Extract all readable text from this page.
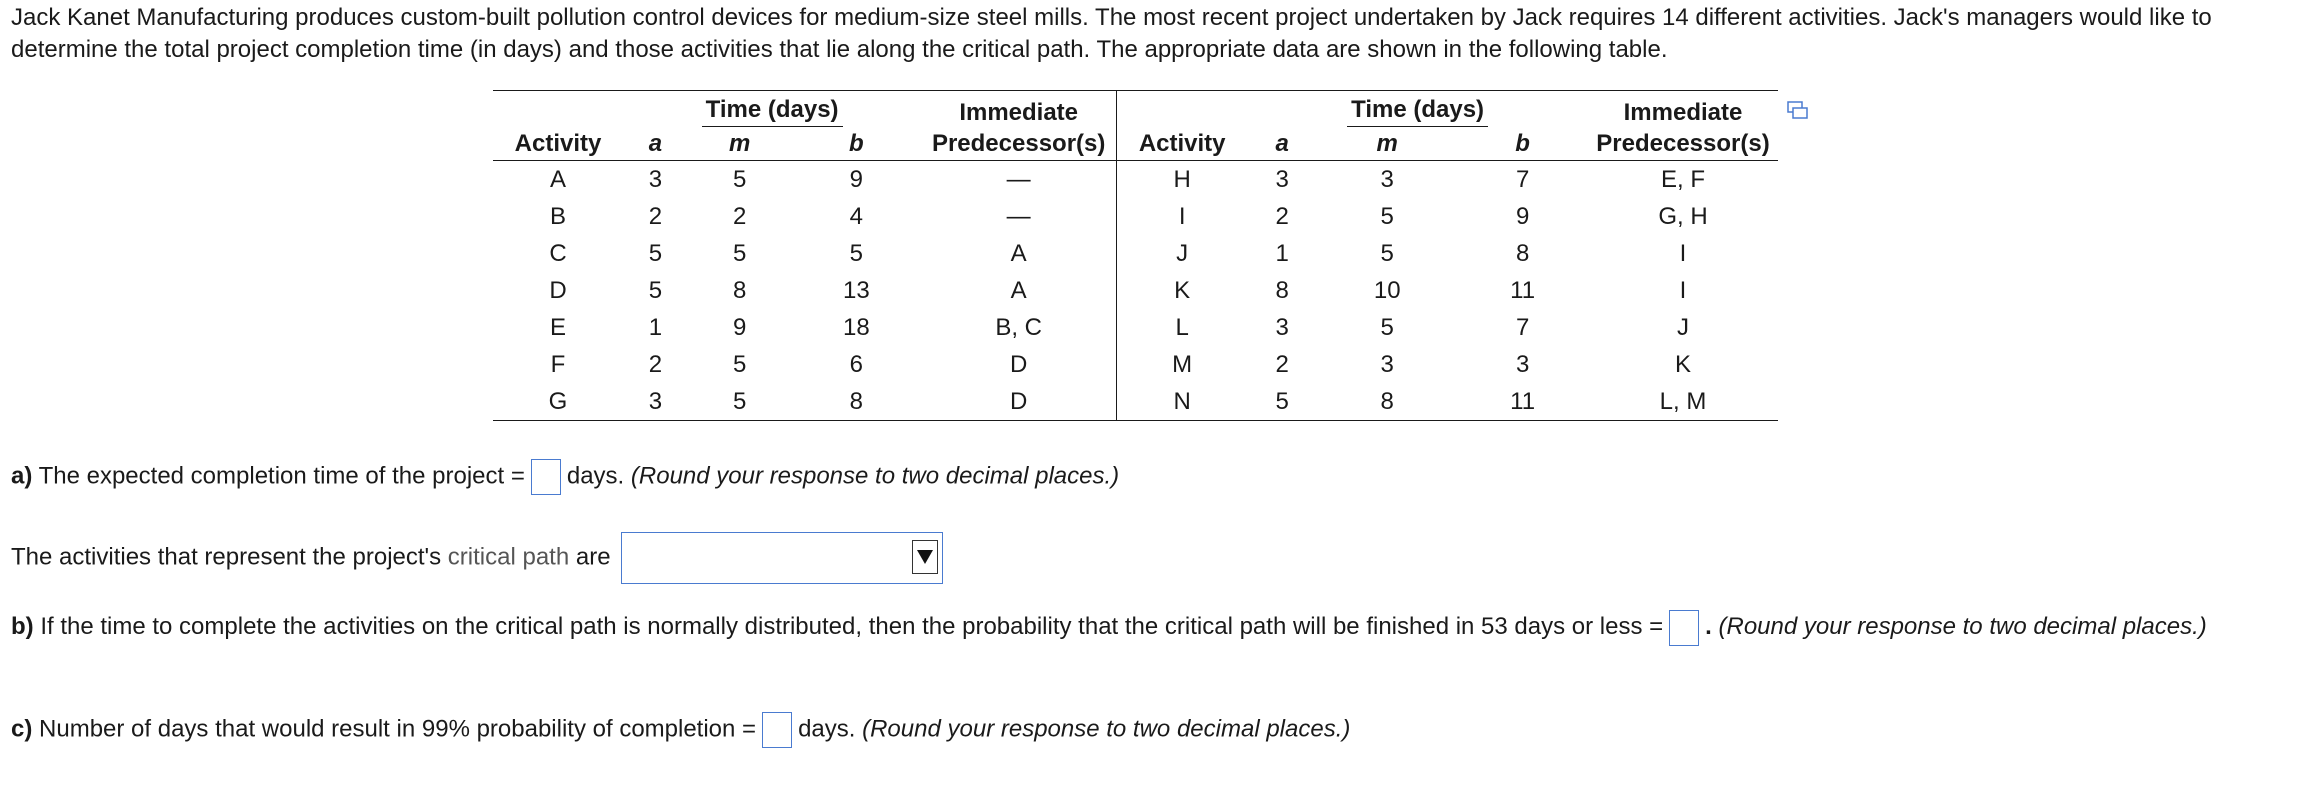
Jack Kanet Manufacturing produces custom-built pollution control devices for medium-size steel mills. The most recent project undertaken by Jack requires 14 different activities. Jack's managers would like to determine the total project completion time (in days) and those activities that lie along the critical path. The appropriate data are shown in the following table.
	Time (days)			Immediate		Time (days)			Immediate
Activity	a	m	b	Predecessor(s)	Activity	a	m	b	Predecessor(s)
A	3	5	9	—	H	3	3	7	E, F
B	2	2	4	—	I	2	5	9	G, H
C	5	5	5	A	J	1	5	8	I
D	5	8	13	A	K	8	10	11	I
E	1	9	18	B, C	L	3	5	7	J
F	2	5	6	D	M	2	3	3	K
G	3	5	8	D	N	5	8	11	L, M
a) The expected completion time of the project = days. (Round your response to two decimal places.)
The activities that represent the project's critical path are
b) If the time to complete the activities on the critical path is normally distributed, then the probability that the critical path will be finished in 53 days or less = . (Round your response to two decimal places.)
c) Number of days that would result in 99% probability of completion = days. (Round your response to two decimal places.)
